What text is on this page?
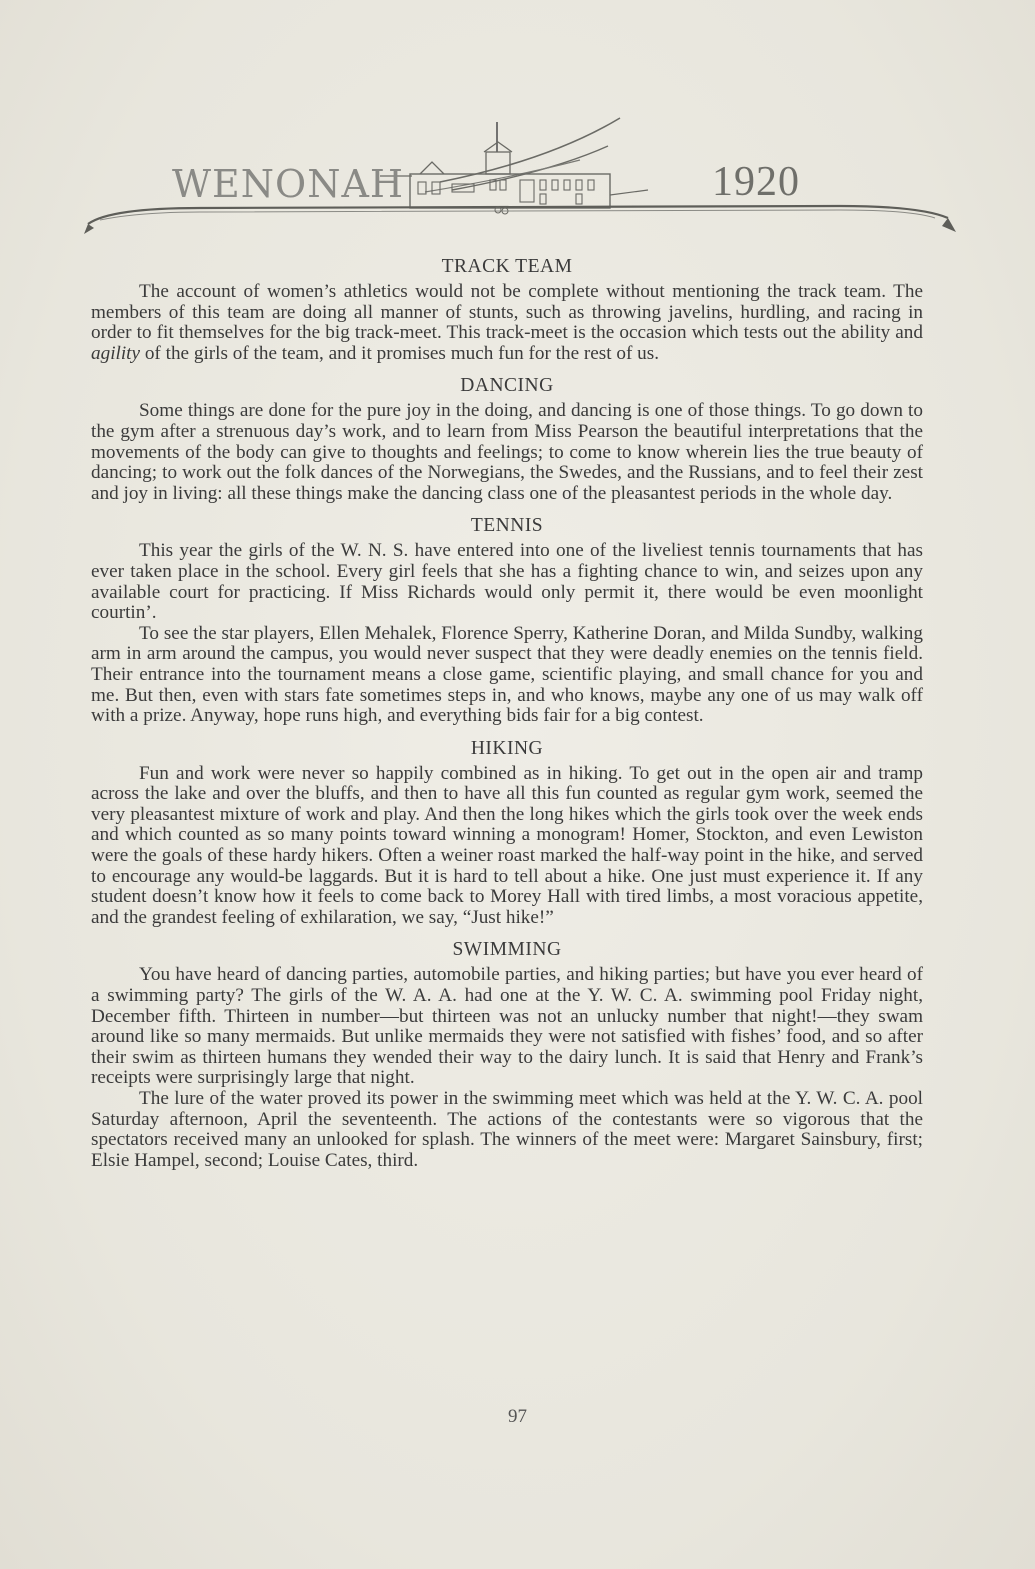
WENONAH	1920
TRACK TEAM

The account of women’s athletics would not be complete without mentioning the track team. The members of this team are doing all manner of stunts, such as throwing javelins, hurdling, and racing in order to fit themselves for the big track-meet. This track-meet is the occasion which tests out the ability and agility of the girls of the team, and it promises much fun for the rest of us.

DANCING

Some things are done for the pure joy in the doing, and dancing is one of those things. To go down to the gym after a strenuous day’s work, and to learn from Miss Pearson the beautiful interpretations that the movements of the body can give to thoughts and feelings; to come to know wherein lies the true beauty of dancing; to work out the folk dances of the Norwegians, the Swedes, and the Russians, and to feel their zest and joy in living: all these things make the dancing class one of the pleasantest periods in the whole day.

TENNIS

This year the girls of the W. N. S. have entered into one of the liveliest tennis tournaments that has ever taken place in the school. Every girl feels that she has a fighting chance to win, and seizes upon any available court for practicing. If Miss Richards would only permit it, there would be even moonlight courtin’.

To see the star players, Ellen Mehalek, Florence Sperry, Katherine Doran, and Milda Sundby, walking arm in arm around the campus, you would never suspect that they were deadly enemies on the tennis field. Their entrance into the tournament means a close game, scientific playing, and small chance for you and me. But then, even with stars fate sometimes steps in, and who knows, maybe any one of us may walk off with a prize. Anyway, hope runs high, and everything bids fair for a big contest.

HIKING

Fun and work were never so happily combined as in hiking. To get out in the open air and tramp across the lake and over the bluffs, and then to have all this fun counted as regular gym work, seemed the very pleasantest mixture of work and play. And then the long hikes which the girls took over the week ends and which counted as so many points toward winning a monogram! Homer, Stockton, and even Lewiston were the goals of these hardy hikers. Often a weiner roast marked the half-way point in the hike, and served to encourage any would-be laggards. But it is hard to tell about a hike. One just must experience it. If any student doesn’t know how it feels to come back to Morey Hall with tired limbs, a most voracious appetite, and the grandest feeling of exhilaration, we say, “Just hike!”

SWIMMING

You have heard of dancing parties, automobile parties, and hiking parties; but have you ever heard of a swimming party? The girls of the W. A. A. had one at the Y. W. C. A. swimming pool Friday night, December fifth. Thirteen in number—but thirteen was not an unlucky number that night!—they swam around like so many mermaids. But unlike mermaids they were not satisfied with fishes’ food, and so after their swim as thirteen humans they wended their way to the dairy lunch. It is said that Henry and Frank’s receipts were surprisingly large that night.

The lure of the water proved its power in the swimming meet which was held at the Y. W. C. A. pool Saturday afternoon, April the seventeenth. The actions of the contestants were so vigorous that the spectators received many an unlooked for splash. The winners of the meet were: Margaret Sainsbury, first; Elsie Hampel, second; Louise Cates, third.

97
